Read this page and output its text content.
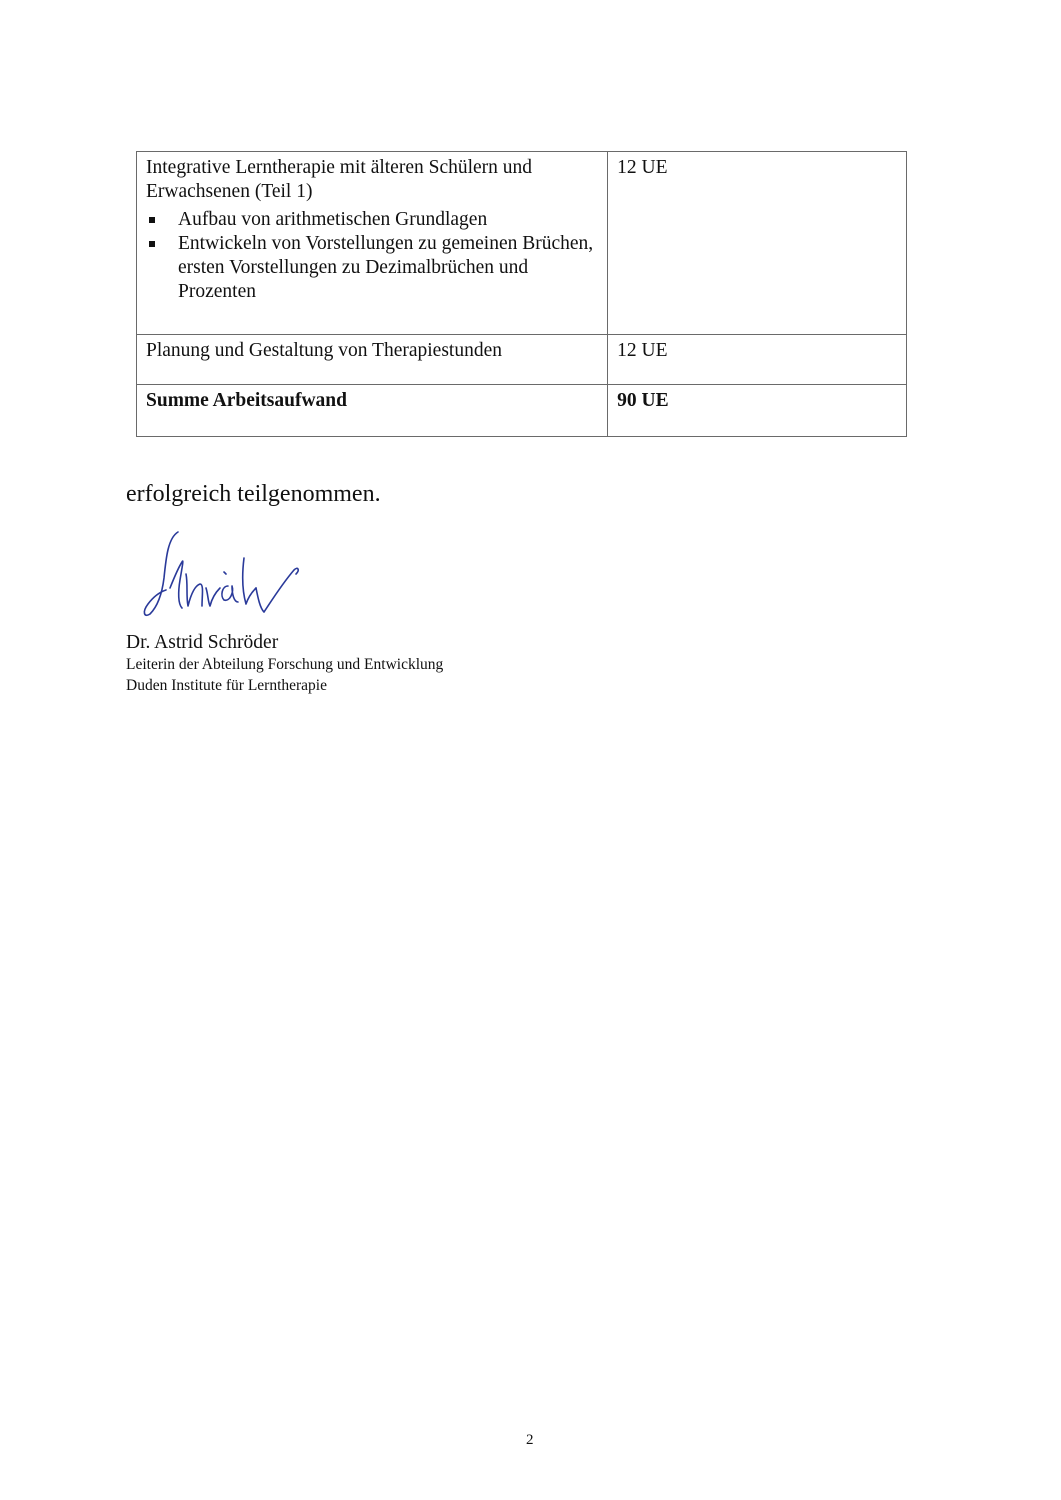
Integrative Lerntherapie mit älteren Schülern und Erwachsenen (Teil 1)
Aufbau von arithmetischen Grundlagen
Entwickeln von Vorstellungen zu gemeinen Brüchen, ersten Vorstellungen zu Dezimalbrüchen und Prozenten
	12 UE
Planung und Gestaltung von Therapiestunden	12 UE
Summe Arbeitsaufwand	90 UE
erfolgreich teilgenommen.
Dr. Astrid Schröder
Leiterin der Abteilung Forschung und Entwicklung
Duden Institute für Lerntherapie
2
